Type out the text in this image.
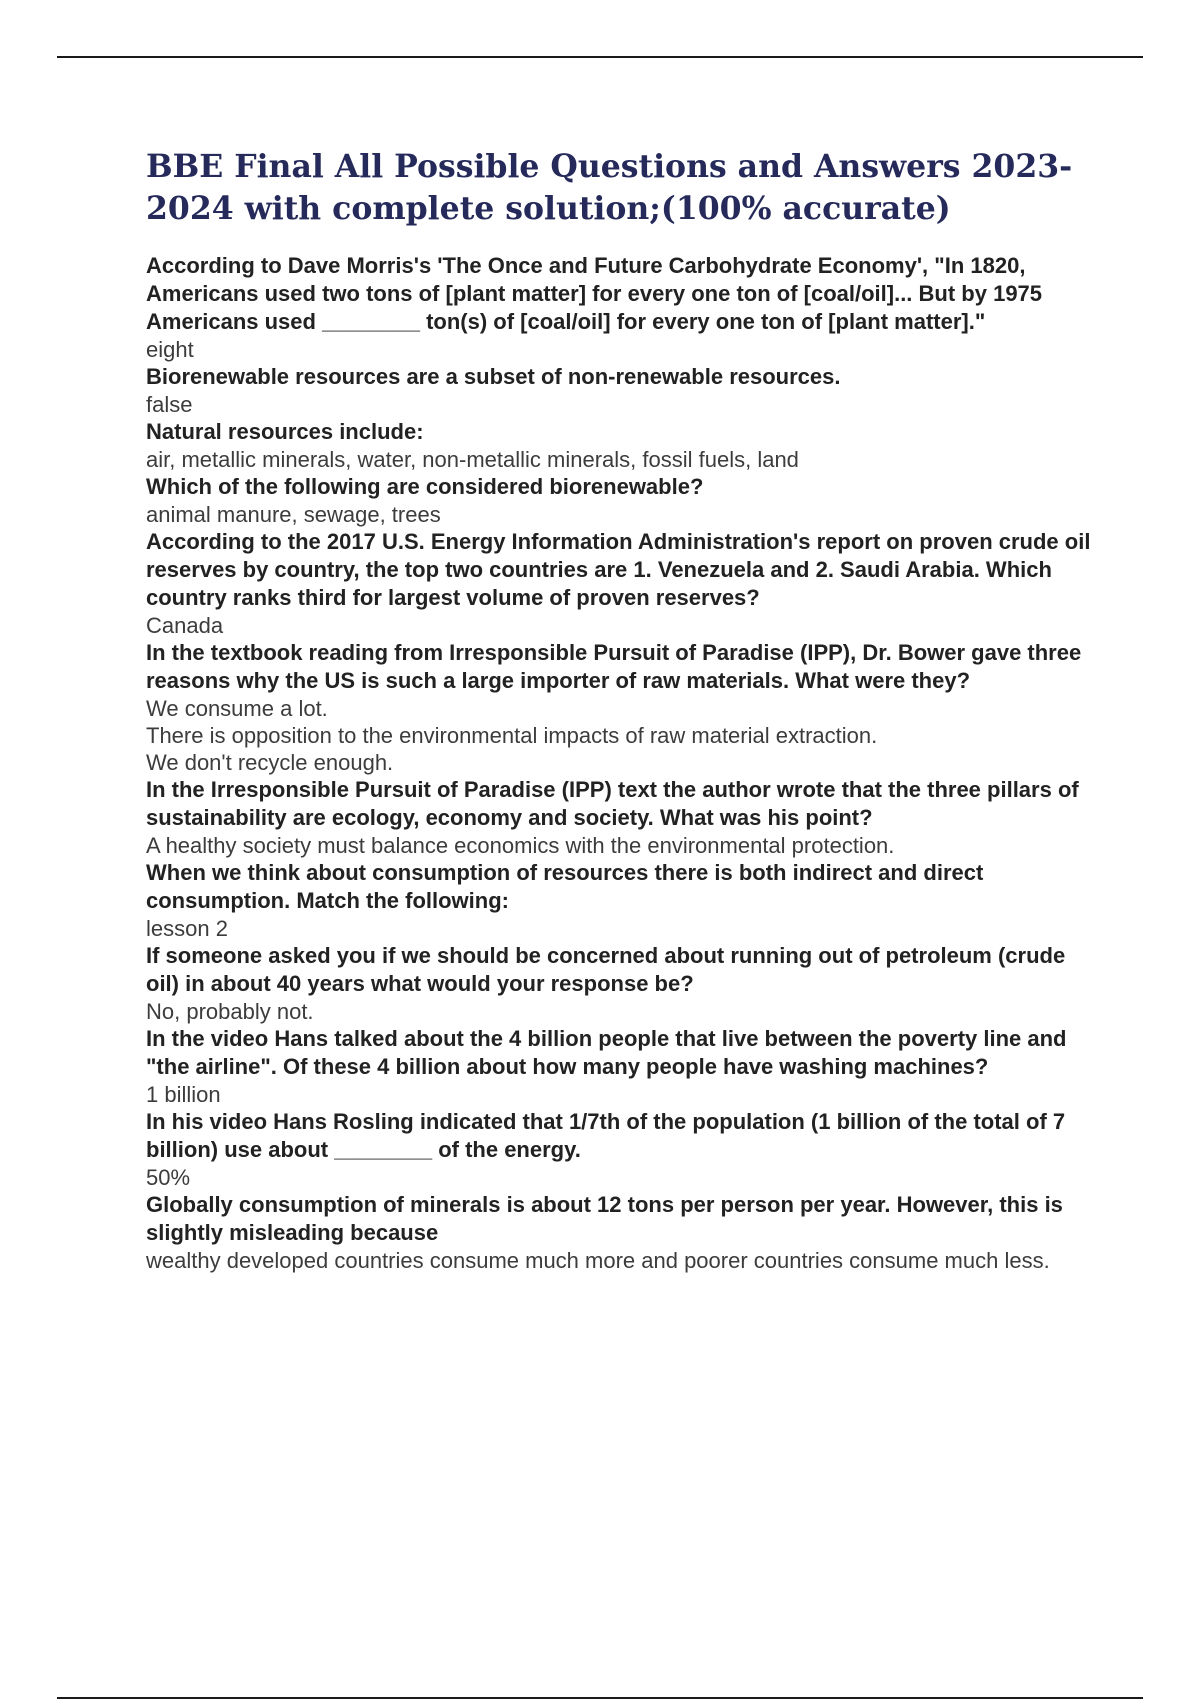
BBE Final All Possible Questions and Answers 2023-2024 with complete solution;(100% accurate)

According to Dave Morris's 'The Once and Future Carbohydrate Economy', "In 1820, Americans used two tons of [plant matter] for every one ton of [coal/oil]... But by 1975 Americans used ________ ton(s) of [coal/oil] for every one ton of [plant matter]."

eight

Biorenewable resources are a subset of non-renewable resources.

false

Natural resources include:

air, metallic minerals, water, non-metallic minerals, fossil fuels, land

Which of the following are considered biorenewable?

animal manure, sewage, trees

According to the 2017 U.S. Energy Information Administration's report on proven crude oil reserves by country, the top two countries are 1. Venezuela and 2. Saudi Arabia. Which country ranks third for largest volume of proven reserves?

Canada

In the textbook reading from Irresponsible Pursuit of Paradise (IPP), Dr. Bower gave three reasons why the US is such a large importer of raw materials. What were they?

We consume a lot.

There is opposition to the environmental impacts of raw material extraction.

We don't recycle enough.

In the Irresponsible Pursuit of Paradise (IPP) text the author wrote that the three pillars of sustainability are ecology, economy and society. What was his point?

A healthy society must balance economics with the environmental protection.

When we think about consumption of resources there is both indirect and direct consumption. Match the following:

lesson 2

If someone asked you if we should be concerned about running out of petroleum (crude oil) in about 40 years what would your response be?

No, probably not.

In the video Hans talked about the 4 billion people that live between the poverty line and "the airline". Of these 4 billion about how many people have washing machines?

1 billion

In his video Hans Rosling indicated that 1/7th of the population (1 billion of the total of 7 billion) use about ________ of the energy.

50%

Globally consumption of minerals is about 12 tons per person per year. However, this is slightly misleading because

wealthy developed countries consume much more and poorer countries consume much less.
